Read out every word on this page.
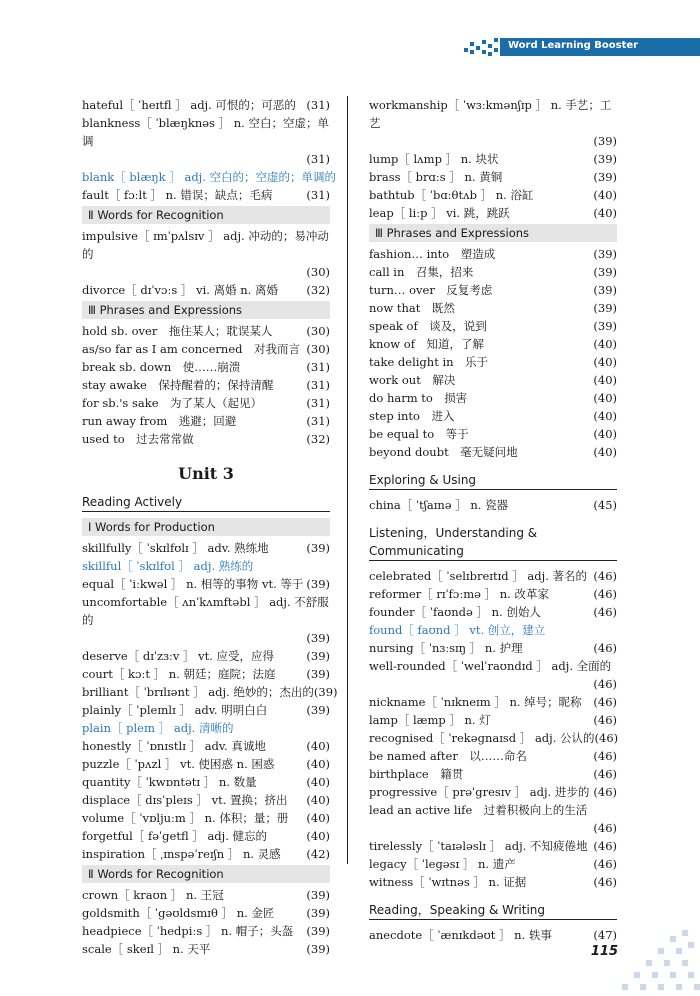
Word Learning Booster
hateful［ ˈheɪtfl ］ adj. 可恨的；可恶的 (31)
blankness［ ˈblæŋknəs ］ n. 空白；空虚；单调
(31)
blank［ blæŋk ］ adj. 空白的；空虚的；单调的
fault［ fɔːlt ］ n. 错误；缺点；毛病	(31)
Ⅱ Words for Recognition
impulsive［ ɪmˈpʌlsɪv ］ adj. 冲动的；易冲动的
(30)
divorce［ dɪˈvɔːs ］ vi. 离婚 n. 离婚 (32)
Ⅲ Phrases and Expressions
hold sb. over　拖住某人；耽误某人	(30)
as/so far as I am concerned　对我而言 (30)
break sb. down　使……崩溃	(31)
stay awake　保持醒着的；保持清醒	(31)
for sb.'s sake　为了某人（起见）	(31)
run away from　逃避；回避	(31)
used to　过去常常做	(32)
Unit 3
Reading Actively
Ⅰ Words for Production
skillfully［ ˈskɪlfʊlɪ ］ adv. 熟练地	(39)
skillful［ ˈskɪlfʊl ］ adj. 熟练的
equal［ ˈiːkwəl ］ n. 相等的事物 vt. 等于 (39)
uncomfortable［ ʌnˈkʌmftəbl ］ adj. 不舒服的
(39)
deserve［ dɪˈzɜːv ］ vt. 应受，应得	(39)
court［ kɔːt ］ n. 朝廷；庭院；法庭	(39)
brilliant［ ˈbrɪlɪənt ］ adj. 绝妙的；杰出的 (39)
plainly［ ˈpleɪnlɪ ］ adv. 明明白白	(39)
plain［ pleɪn ］ adj. 清晰的
honestly［ ˈɒnɪstlɪ ］ adv. 真诚地	(40)
puzzle［ ˈpʌzl ］ vt. 使困惑 n. 困惑	(40)
quantity［ ˈkwɒntətɪ ］ n. 数量	(40)
displace［ dɪsˈpleɪs ］ vt. 置换；挤出 (40)
volume［ ˈvɒljuːm ］ n. 体积；量；册 (40)
forgetful［ fəˈgetfl ］ adj. 健忘的	(40)
inspiration［ ˌɪnspəˈreɪʃn ］ n. 灵感 (42)
Ⅱ Words for Recognition
crown［ kraʊn ］ n. 王冠	(39)
goldsmith［ ˈgəʊldsmɪθ ］ n. 金匠	(39)
headpiece［ ˈhedpiːs ］ n. 帽子；头盔 (39)
scale［ skeɪl ］ n. 天平	(39)
workmanship［ ˈwɜːkmənʃɪp ］ n. 手艺；工艺
(39)
lump［ lʌmp ］ n. 块状	(39)
brass［ brɑːs ］ n. 黄铜	(39)
bathtub［ ˈbɑːθtʌb ］ n. 浴缸	(40)
leap［ liːp ］ vi. 跳，跳跃	(40)
Ⅲ Phrases and Expressions
fashion… into　塑造成	(39)
call in　召集，招来	(39)
turn… over　反复考虑	(39)
now that　既然	(39)
speak of　谈及，说到	(39)
know of　知道，了解	(40)
take delight in　乐于	(40)
work out　解决	(40)
do harm to　损害	(40)
step into　进入	(40)
be equal to　等于	(40)
beyond doubt　毫无疑问地	(40)
Exploring & Using
china［ ˈtʃaɪnə ］ n. 瓷器	(45)
Listening，Understanding & Communicating
celebrated［ ˈselɪbreɪtɪd ］ adj. 著名的 (46)
reformer［ rɪˈfɔːmə ］ n. 改革家	(46)
founder［ ˈfaʊndə ］ n. 创始人	(46)
found［ faʊnd ］ vt. 创立，建立
nursing［ ˈnɜːsɪŋ ］ n. 护理	(46)
well-rounded［ ˈwelˈraʊndɪd ］ adj. 全面的
(46)
nickname［ ˈnɪkneɪm ］ n. 绰号；昵称 (46)
lamp［ læmp ］ n. 灯	(46)
recognised［ ˈrekəgnaɪsd ］ adj. 公认的 (46)
be named after　以……命名	(46)
birthplace　籍贯	(46)
progressive［ prəˈgresɪv ］ adj. 进步的 (46)
lead an active life　过着积极向上的生活
(46)
tirelessly［ ˈtaɪələslɪ ］ adj. 不知疲倦地 (46)
legacy［ ˈlegəsɪ ］ n. 遗产	(46)
witness［ ˈwɪtnəs ］ n. 证据	(46)
Reading，Speaking & Writing
anecdote［ ˈænɪkdəʊt ］ n. 轶事	(47)
115
